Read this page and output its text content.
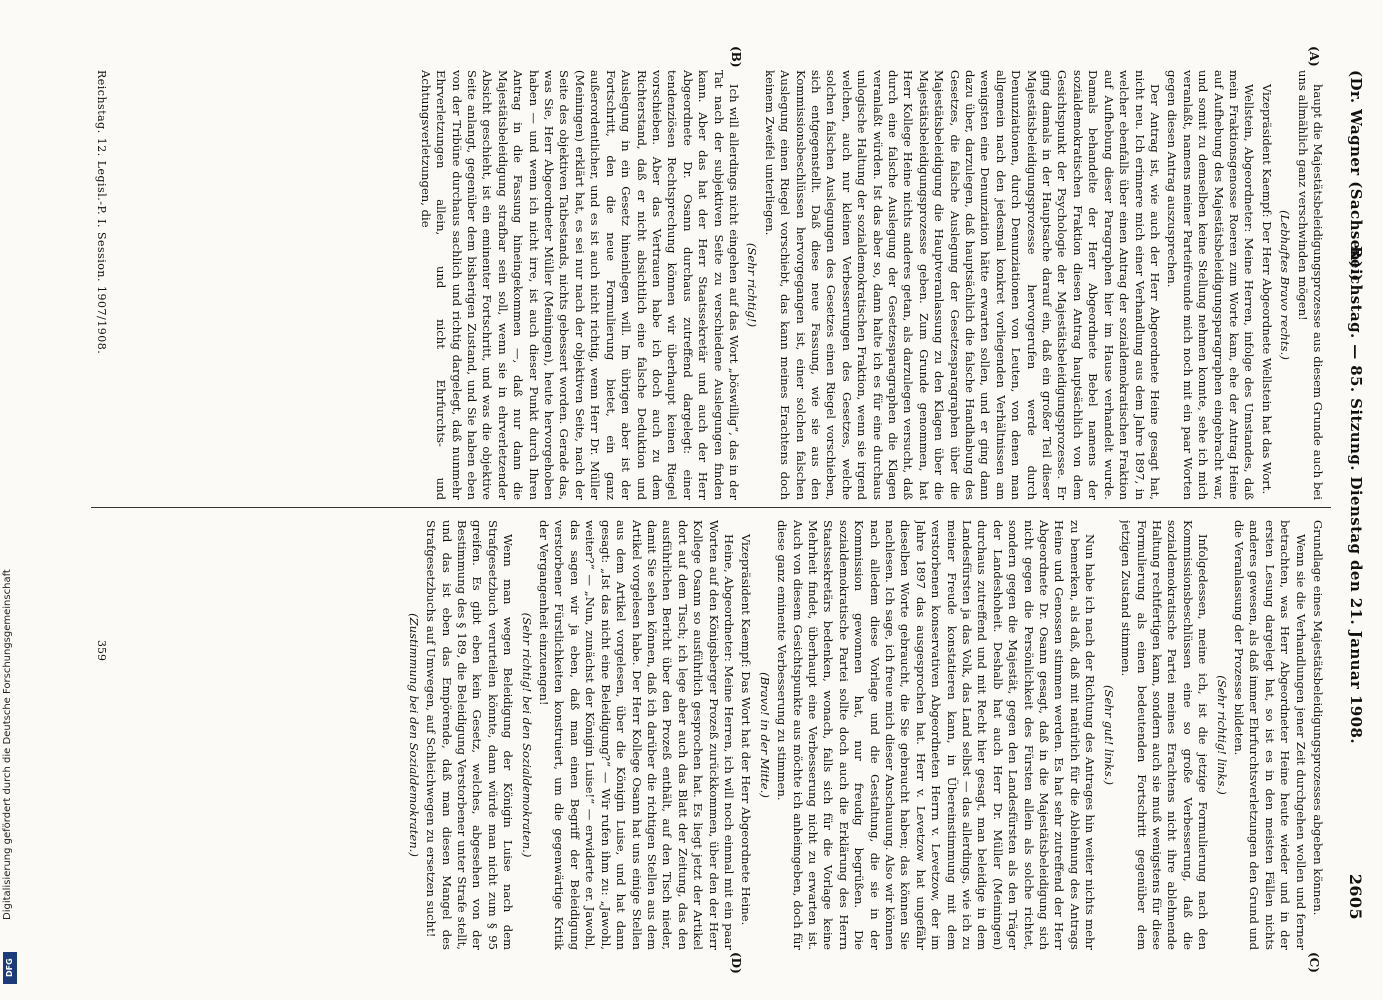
(Dr. Wagner (Sachsen).)
Reichstag. — 85. Sitzung. Dienstag den 21. Januar 1908.
2605
(A)
(B)
(C)
(D)

haupt die Majestätsbeleidigungsprozesse aus diesem Grunde auch bei uns allmählich ganz verschwinden mögen!

(Lebhaftes Bravo rechts.)

Vizepräsident Kaempf: Der Herr Abgeordnete Wellstein hat das Wort.

Wellstein, Abgeordneter: Meine Herren, infolge des Umstandes, daß mein Fraktionsgenosse Roeren zum Worte kam, ehe der Antrag Heine auf Aufhebung des Majestätsbeleidigungsparagraphen eingebracht war, und somit zu demselben keine Stellung nehmen konnte, sehe ich mich veranlaßt, namens meiner Parteifreunde mich noch mit ein paar Worten gegen diesen Antrag auszusprechen.

Der Antrag ist, wie auch der Herr Abgeordnete Heine gesagt hat, nicht neu. Ich erinnere mich einer Verhandlung aus dem Jahre 1897, in welcher ebenfalls über einen Antrag der sozialdemokratischen Fraktion auf Aufhebung dieser Paragraphen hier im Hause verhandelt wurde. Damals behandelte der Herr Abgeordnete Bebel namens der sozialdemokratischen Fraktion diesen Antrag hauptsächlich von dem Gesichtspunkt der Psychologie der Majestätsbeleidigungsprozesse. Er ging damals in der Hauptsache darauf ein, daß ein großer Teil dieser Majestätsbeleidigungsprozesse hervorgerufen werde durch Denunziationen, durch Denunziationen von Leuten, von denen man allgemein nach den jedesmal konkret vorliegenden Verhältnissen am wenigsten eine Denunziation hätte erwarten sollen, und er ging dann dazu über, darzulegen, daß hauptsächlich die falsche Handhabung des Gesetzes, die falsche Auslegung der Gesetzesparagraphen über die Majestätsbeleidigung die Hauptveranlassung zu den Klagen über die Majestätsbeleidigungsprozesse geben. Zum Grunde genommen, hat Herr Kollege Heine nichts anderes getan, als darzulegen versucht, daß durch eine falsche Auslegung der Gesetzesparagraphen die Klagen veranlaßt würden. Ist das aber so, dann halte ich es für eine durchaus unlogische Haltung der sozialdemokratischen Fraktion, wenn sie irgend welchen, auch nur kleinen Verbesserungen des Gesetzes, welche solchen falschen Auslegungen des Gesetzes einen Riegel vorschieben, sich entgegenstellt. Daß diese neue Fassung, wie sie aus den Kommissionsbeschlüssen hervorgegangen ist, einer solchen falschen Auslegung einen Riegel vorschiebt, das kann meines Erachtens doch keinem Zweifel unterliegen.

(Sehr richtig!)

Ich will allerdings nicht eingehen auf das Wort „böswillig“, das in der Tat nach der subjektiven Seite zu verschiedene Auslegungen finden kann. Aber das hat der Herr Staatssekretär und auch der Herr Abgeordnete Dr. Osann durchaus zutreffend dargelegt: einer tendenziösen Rechtsprechung können wir überhaupt keinen Riegel vorschieben. Aber das Vertrauen habe ich doch auch zu dem Richterstand, daß er nicht absichtlich eine falsche Deduktion und Auslegung in ein Gesetz hineinlegen will. Im übrigen aber ist der Fortschritt, den die neue Formulierung bietet, ein ganz außerordentlicher, und es ist auch nicht richtig, wenn Herr Dr. Müller (Meiningen) erklärt hat, es sei nur nach der objektiven Seite, nach der Seite des objektiven Tatbestands, nichts gebessert worden. Gerade das, was Sie, Herr Abgeordneter Müller (Meiningen), heute hervorgehoben haben — und wenn ich nicht irre, ist auch dieser Punkt durch Ihren Antrag in die Fassung hineingekommen —, daß nur dann die Majestätsbeleidigung strafbar sein soll, wenn sie in ehrverletzender Absicht geschieht, ist ein eminenter Fortschritt, und was die objektive Seite anlangt, gegenüber dem bisherigen Zustand, und Sie haben eben von der Tribüne durchaus sachlich und richtig dargelegt, daß nunmehr Ehrverletzungen allein, und nicht Ehrfurchts- und Achtungsverletzungen, die

Grundlage eines Majestätsbeleidigungsprozesses abgeben können.

Wenn sie die Verhandlungen jener Zeit durchgehen wollen und ferner betrachten, was Herr Abgeordneter Heine heute wieder und in der ersten Lesung dargelegt hat, so ist es in den meisten Fällen nichts anderes gewesen, als daß immer Ehrfurchtsverletzungen den Grund und die Veranlassung der Prozesse bildeten.

(Sehr richtig! links.)

Infolgedessen, meine ich, ist die jetzige Formulierung nach den Kommissionsbeschlüssen eine so große Verbesserung, daß die sozialdemokratische Partei meines Erachtens nicht ihre ablehnende Haltung rechtfertigen kann, sondern auch sie muß wenigstens für diese Formulierung als einen bedeutenden Fortschritt gegenüber dem jetzigen Zustand stimmen.

(Sehr gut! links.)

Nun habe ich nach der Richtung des Antrages hin weiter nichts mehr zu bemerken, als daß, daß mit natürlich für die Ablehnung des Antrags Heine und Genossen stimmen werden. Es hat sehr zutreffend der Herr Abgeordnete Dr. Osann gesagt, daß in die Majestätsbeleidigung sich nicht gegen die Persönlichkeit des Fürsten allein als solche richtet, sondern gegen die Majestät, gegen den Landesfürsten als den Träger der Landeshoheit. Deshalb hat auch Herr Dr. Müller (Meiningen) durchaus zutreffend und mit Recht hier gesagt, man beleidige in dem Landesfürsten ja das Volk, das Land selbst — das allerdings, wie ich zu meiner Freude konstatieren kann, in Übereinstimmung mit dem verstorbenen konservativen Abgeordneten Herrn v. Levetzow, der im Jahre 1897 das ausgesprochen hat. Herr v. Levetzow hat ungefähr dieselben Worte gebraucht, die Sie gebraucht haben; das können Sie nachlesen. Ich sage, ich freue mich dieser Anschauung. Also wir können nach alledem diese Vorlage und die Gestaltung, die sie in der Kommission gewonnen hat, nur freudig begrüßen. Die sozialdemokratische Partei sollte doch auch die Erklärung des Herrn Staatssekretärs bedenken, wonach, falls sich für die Vorlage keine Mehrheit findet, überhaupt eine Verbesserung nicht zu erwarten ist. Auch von diesem Gesichtspunkte aus möchte ich anheimgeben, doch für diese ganz eminente Verbesserung zu stimmen.

(Bravo! in der Mitte.)

Vizepräsident Kaempf: Das Wort hat der Herr Abgeordnete Heine.

Heine, Abgeordneter: Meine Herren, ich will noch einmal mit ein paar Worten auf den Königsberger Prozeß zurückkommen, über den der Herr Kollege Osann so ausführlich gesprochen hat. Es liegt jetzt der Artikel dort auf dem Tisch; ich lege aber auch das Blatt der Zeitung, das den ausführlichen Bericht über den Prozeß enthält, auf den Tisch nieder, damit Sie sehen können, daß ich darüber die richtigen Stellen aus dem Artikel vorgelesen habe. Der Herr Kollege Osann hat uns einige Stellen aus dem Artikel vorgelesen, über die Königin Luise, und hat dann gesagt: „Ist das nicht eine Beleidigung?“ — Wir rufen ihm zu: „Jawohl, weiter?“ — „Nun, zunächst der Königin Luise!“ — erwiderte er. Jawohl, das sagen wir ja eben, daß man einen Begriff der Beleidigung verstorbener Fürstlichkeiten konstruiert, um die gegenwärtige Kritik der Vergangenheit einzuengen!

(Sehr richtig! bei den Sozialdemokraten.)

Wenn man wegen Beleidigung der Königin Luise nach dem Strafgesetzbuch verurteilen könnte, dann würde man nicht zum § 95 greifen. Es gibt eben kein Gesetz, welches, abgesehen von der Bestimmung des § 189, die Beleidigung Verstorbener unter Strafe stellt, und das ist eben das Empörende, daß man diesen Mangel des Strafgesetzbuchs auf Umwegen, auf Schleichwegen zu ersetzen sucht!

(Zustimmung bei den Sozialdemokraten.)

Reichstag. 12. Legisl.-P. I. Session. 1907/1908.
359
Digitalisierung gefördert durch die Deutsche Forschungsgemeinschaft
DFG
